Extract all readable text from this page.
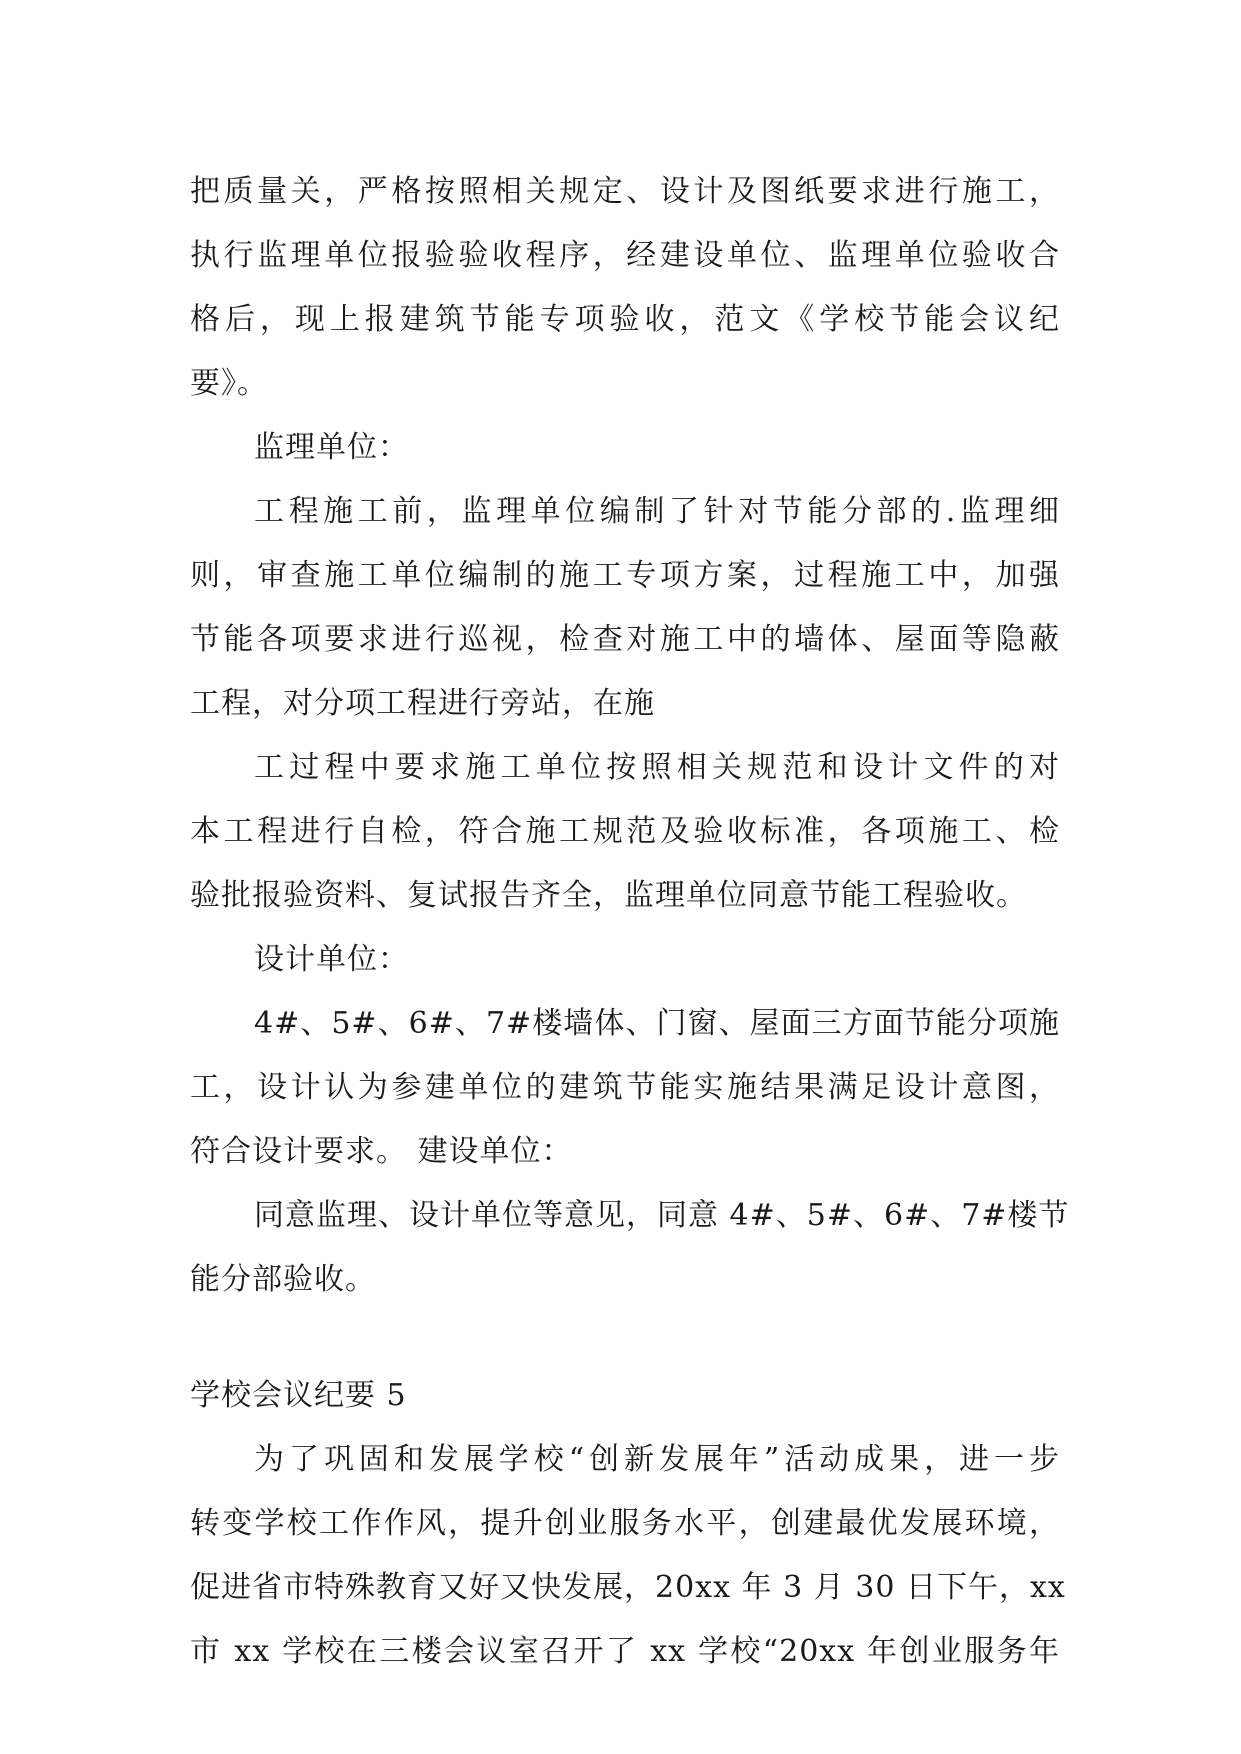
把质量关，严格按照相关规定、设计及图纸要求进行施工，
执行监理单位报验验收程序，经建设单位、监理单位验收合
格后，现上报建筑节能专项验收，范文《学校节能会议纪
要》。
监理单位：
工程施工前，监理单位编制了针对节能分部的.监理细
则，审查施工单位编制的施工专项方案，过程施工中，加强
节能各项要求进行巡视，检查对施工中的墙体、屋面等隐蔽
工程，对分项工程进行旁站，在施
工过程中要求施工单位按照相关规范和设计文件的对
本工程进行自检，符合施工规范及验收标准，各项施工、检
验批报验资料、复试报告齐全，监理单位同意节能工程验收。
设计单位：
4#、5#、6#、7#楼墙体、门窗、屋面三方面节能分项施
工，设计认为参建单位的建筑节能实施结果满足设计意图，
符合设计要求。 建设单位：
同意监理、设计单位等意见，同意 4#、5#、6#、7#楼节
能分部验收。
学校会议纪要 5
为了巩固和发展学校“创新发展年”活动成果，进一步
转变学校工作作风，提升创业服务水平，创建最优发展环境，
促进省市特殊教育又好又快发展，20xx 年 3 月 30 日下午，xx
市 xx 学校在三楼会议室召开了 xx 学校“20xx 年创业服务年
